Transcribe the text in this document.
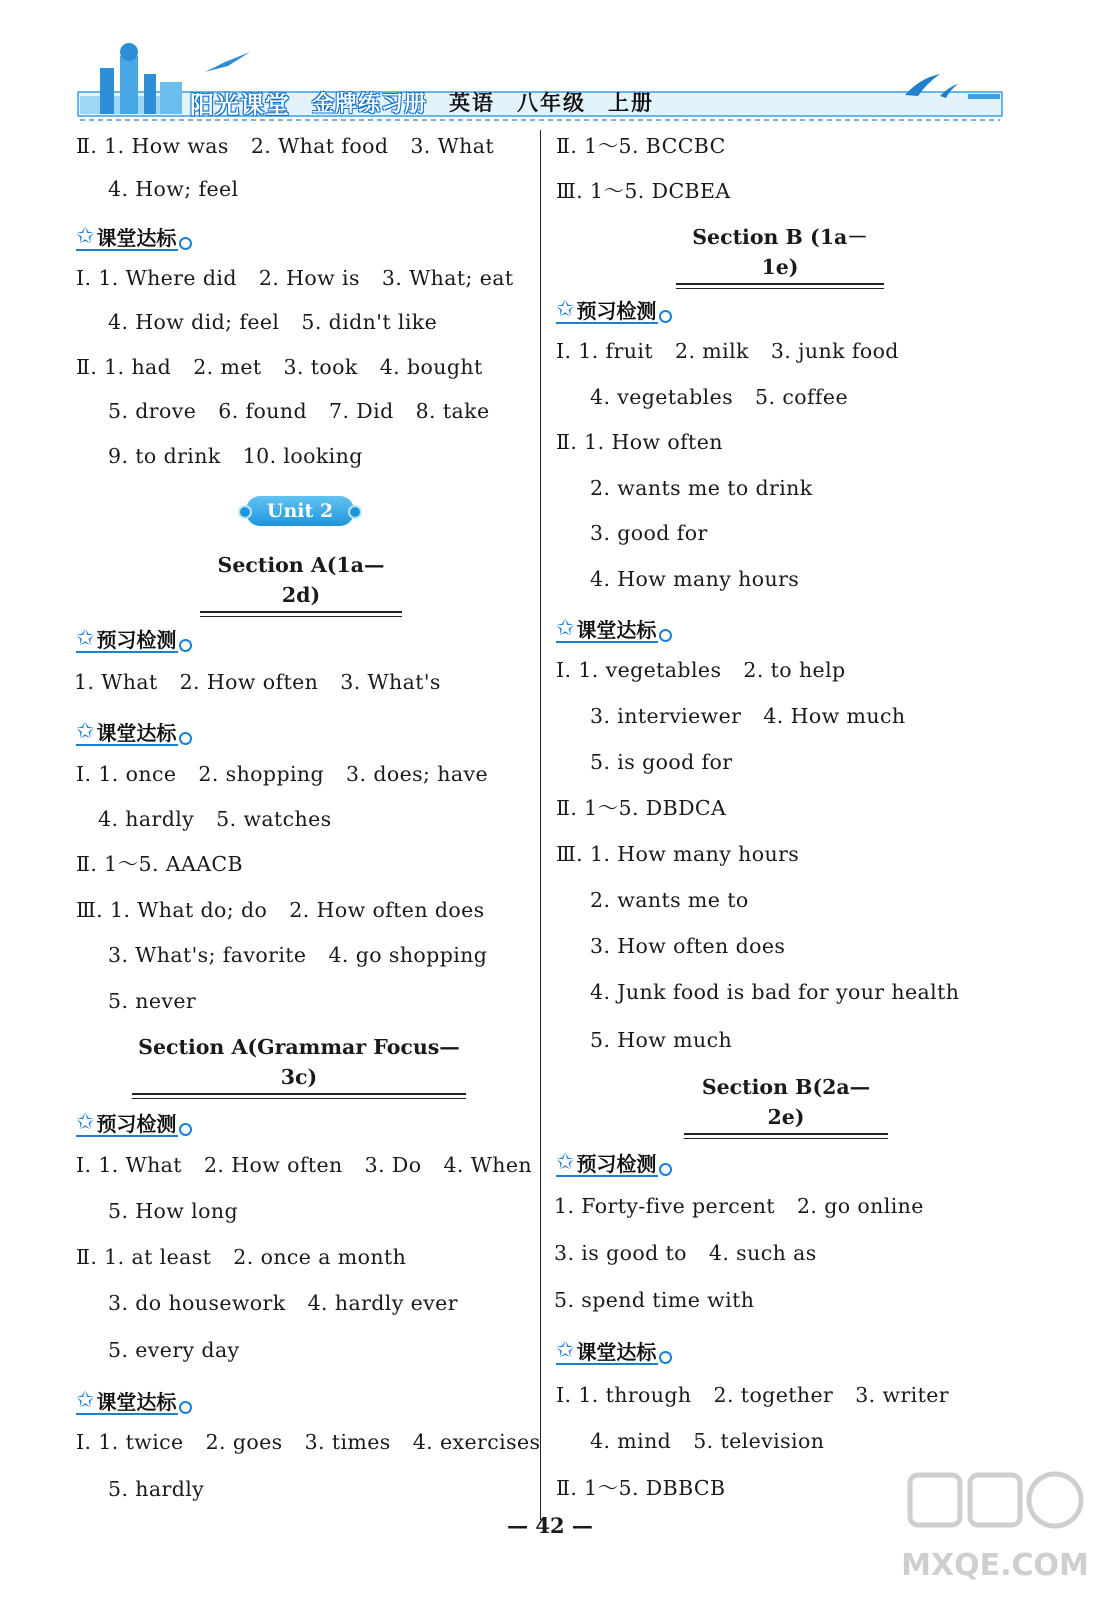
阳光课堂 金牌练习册 英语 八年级 上册
Ⅱ. 1. How was 2. What food 3. What
4. How; feel
✩ 课堂达标
Ⅰ. 1. Where did 2. How is 3. What; eat
4. How did; feel 5. didn't like
Ⅱ. 1. had 2. met 3. took 4. bought
5. drove 6. found 7. Did 8. take
9. to drink 10. looking
Unit 2
Section A(1a—2d)
✩ 预习检测
1. What 2. How often 3. What's
✩ 课堂达标
Ⅰ. 1. once 2. shopping 3. does; have
4. hardly 5. watches
Ⅱ. 1～5. AAACB
Ⅲ. 1. What do; do 2. How often does
3. What's; favorite 4. go shopping
5. never
Section A(Grammar Focus—3c)
✩ 预习检测
Ⅰ. 1. What 2. How often 3. Do 4. When
5. How long
Ⅱ. 1. at least 2. once a month
3. do housework 4. hardly ever
5. every day
✩ 课堂达标
Ⅰ. 1. twice 2. goes 3. times 4. exercises
5. hardly
Ⅱ. 1～5. BCCBC
Ⅲ. 1～5. DCBEA
Section B (1a－1e)
✩ 预习检测
Ⅰ. 1. fruit 2. milk 3. junk food
4. vegetables 5. coffee
Ⅱ. 1. How often
2. wants me to drink
3. good for
4. How many hours
✩ 课堂达标
Ⅰ. 1. vegetables 2. to help
3. interviewer 4. How much
5. is good for
Ⅱ. 1～5. DBDCA
Ⅲ. 1. How many hours
2. wants me to
3. How often does
4. Junk food is bad for your health
5. How much
Section B(2a—2e)
✩ 预习检测
1. Forty-five percent 2. go online
3. is good to 4. such as
5. spend time with
✩ 课堂达标
Ⅰ. 1. through 2. together 3. writer
4. mind 5. television
Ⅱ. 1～5. DBBCB
— 42 —
MXQE.COM
